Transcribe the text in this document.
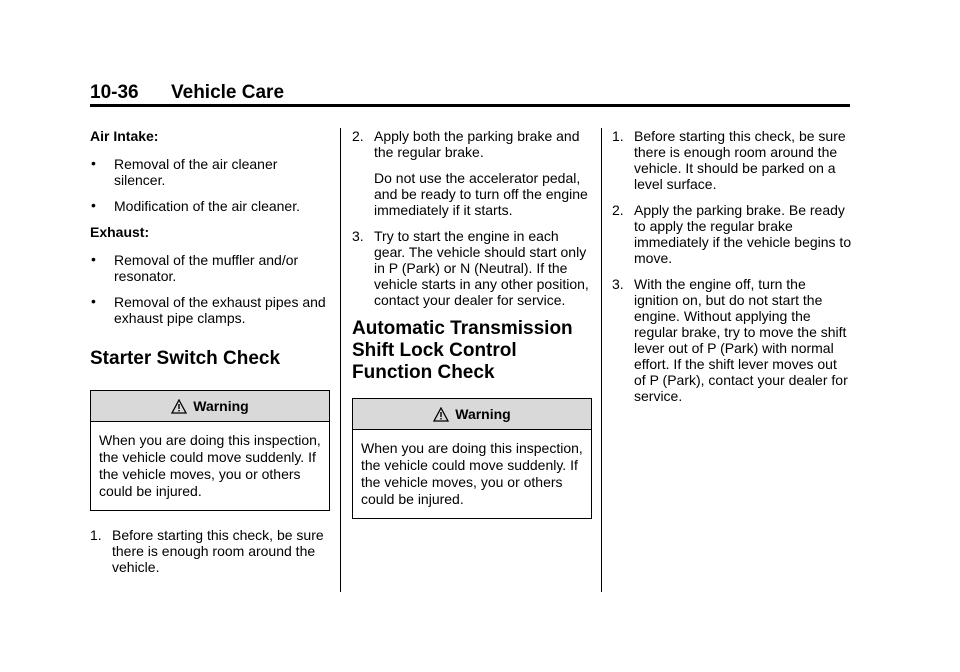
10-36 Vehicle Care
Air Intake:
• Removal of the air cleaner silencer.
• Modification of the air cleaner.
Exhaust:
• Removal of the muffler and/or resonator.
• Removal of the exhaust pipes and exhaust pipe clamps.
Starter Switch Check
Warning
When you are doing this inspection, the vehicle could move suddenly. If the vehicle moves, you or others could be injured.
1. Before starting this check, be sure there is enough room around the vehicle.

2. Apply both the parking brake and the regular brake.

Do not use the accelerator pedal, and be ready to turn off the engine immediately if it starts.

3. Try to start the engine in each gear. The vehicle should start only in P (Park) or N (Neutral). If the vehicle starts in any other position, contact your dealer for service.

Automatic Transmission Shift Lock Control Function Check
Warning
When you are doing this inspection, the vehicle could move suddenly. If the vehicle moves, you or others could be injured.
1. Before starting this check, be sure there is enough room around the vehicle. It should be parked on a level surface.

2. Apply the parking brake. Be ready to apply the regular brake immediately if the vehicle begins to move.

3. With the engine off, turn the ignition on, but do not start the engine. Without applying the regular brake, try to move the shift lever out of P (Park) with normal effort. If the shift lever moves out of P (Park), contact your dealer for service.
